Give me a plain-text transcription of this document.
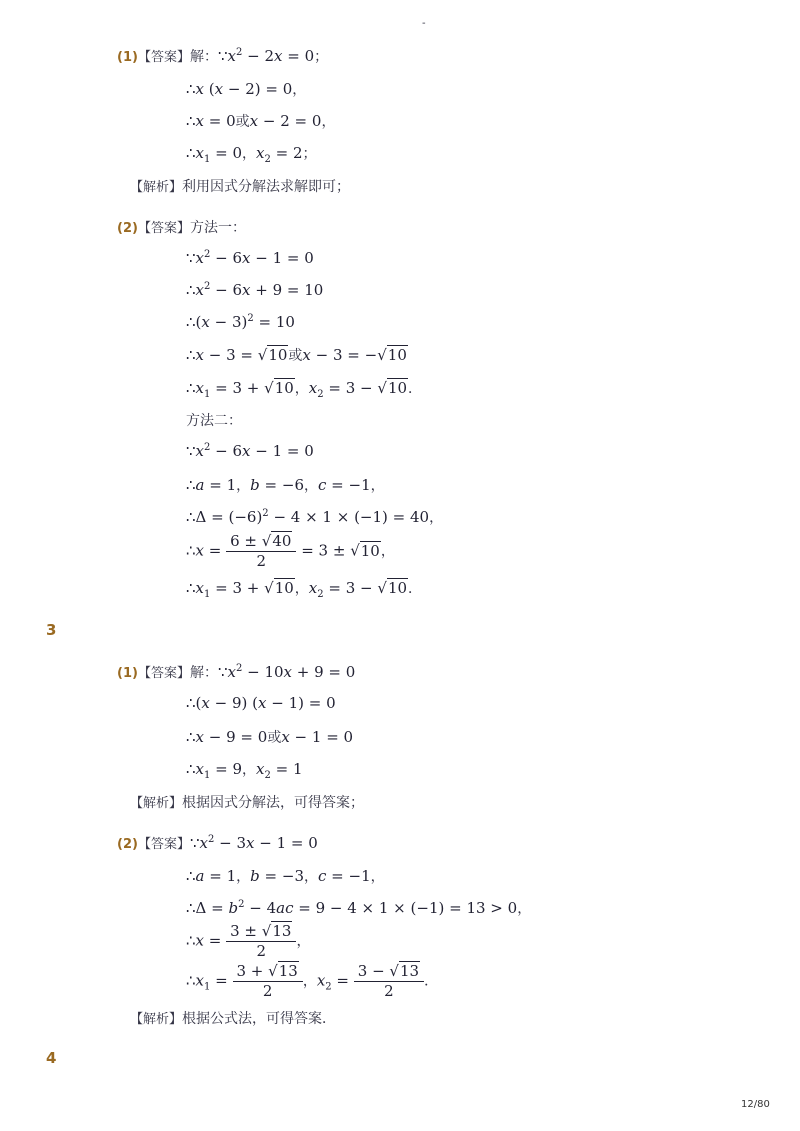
-
(1)【答案】解：$\because x^2 - 2x = 0$；
∴x (x − 2) = 0，
∴x = 0或x − 2 = 0，
$\therefore x_1 = 0$，$x_2 = 2$；
【解析】利用因式分解法求解即可；
(2)【答案】方法一：
$\because x^2 - 6x - 1 = 0$
$\therefore x^2 - 6x + 9 = 10$
∴(x − 3)$^2$ = 10
∴x − 3 = √10或x − 3 = −√10
$\therefore x_1 = 3 + √10$，$x_2 = 3 - √10$．
方法二：
$\because x^2 - 6x - 1 = 0$
∴a = 1，b = −6，c = −1，
∴Δ = $(-6)^2 - 4 \times 1 \times (-1) = 40$，
∴x = $\frac{6 \pm √40}{2} = 3 \pm √10$，
$\therefore x_1 = 3 + √10$，$x_2 = 3 - √10$．
3
(1)【答案】解：$\because x^2 - 10x + 9 = 0$
∴(x − 9) (x − 1) = 0
∴x − 9 = 0或x − 1 = 0
$\therefore x_1 = 9$，$x_2 = 1$
【解析】根据因式分解法，可得答案；
(2)【答案】$\because x^2 - 3x - 1 = 0$
∴a = 1，b = −3，c = −1，
∴Δ = $b^2 - 4ac = 9 - 4 \times 1 \times (-1) = 13 > 0$，
∴x = $\frac{3 \pm √13}{2}$ ，
$\therefore x_1 = \frac{3 + √13}{2}$ ，$x_2 = \frac{3 - √13}{2}$ ．
【解析】根据公式法，可得答案．
4
12/80
